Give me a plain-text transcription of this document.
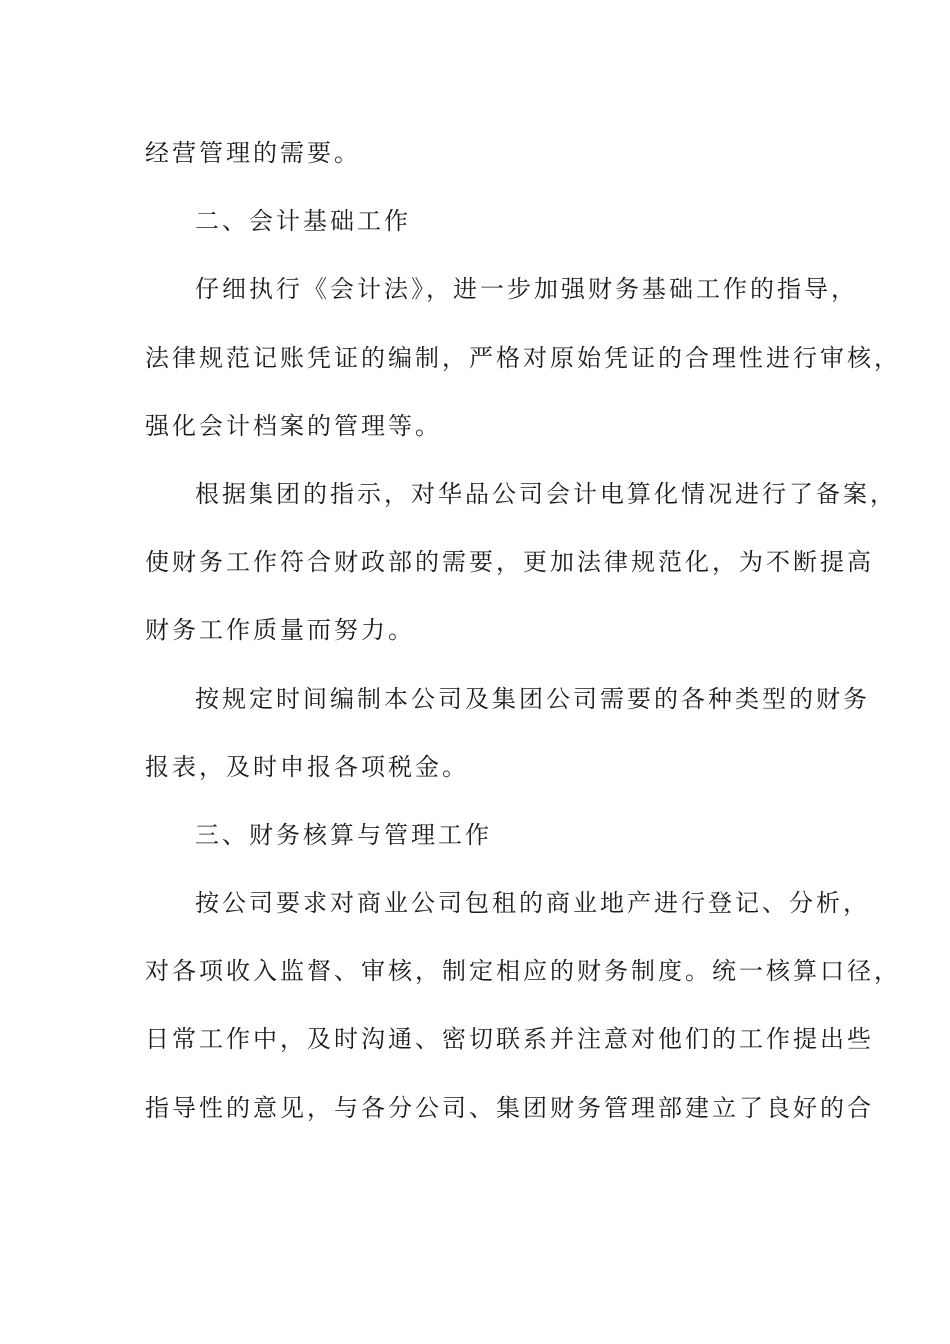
经营管理的需要。
二、会计基础工作
仔细执行《会计法》，进一步加强财务基础工作的指导，
法律规范记账凭证的编制，严格对原始凭证的合理性进行审核，
强化会计档案的管理等。
根据集团的指示，对华品公司会计电算化情况进行了备案，
使财务工作符合财政部的需要，更加法律规范化，为不断提高
财务工作质量而努力。
按规定时间编制本公司及集团公司需要的各种类型的财务
报表，及时申报各项税金。
三、财务核算与管理工作
按公司要求对商业公司包租的商业地产进行登记、分析，
对各项收入监督、审核，制定相应的财务制度。统一核算口径，
日常工作中，及时沟通、密切联系并注意对他们的工作提出些
指导性的意见，与各分公司、集团财务管理部建立了良好的合
